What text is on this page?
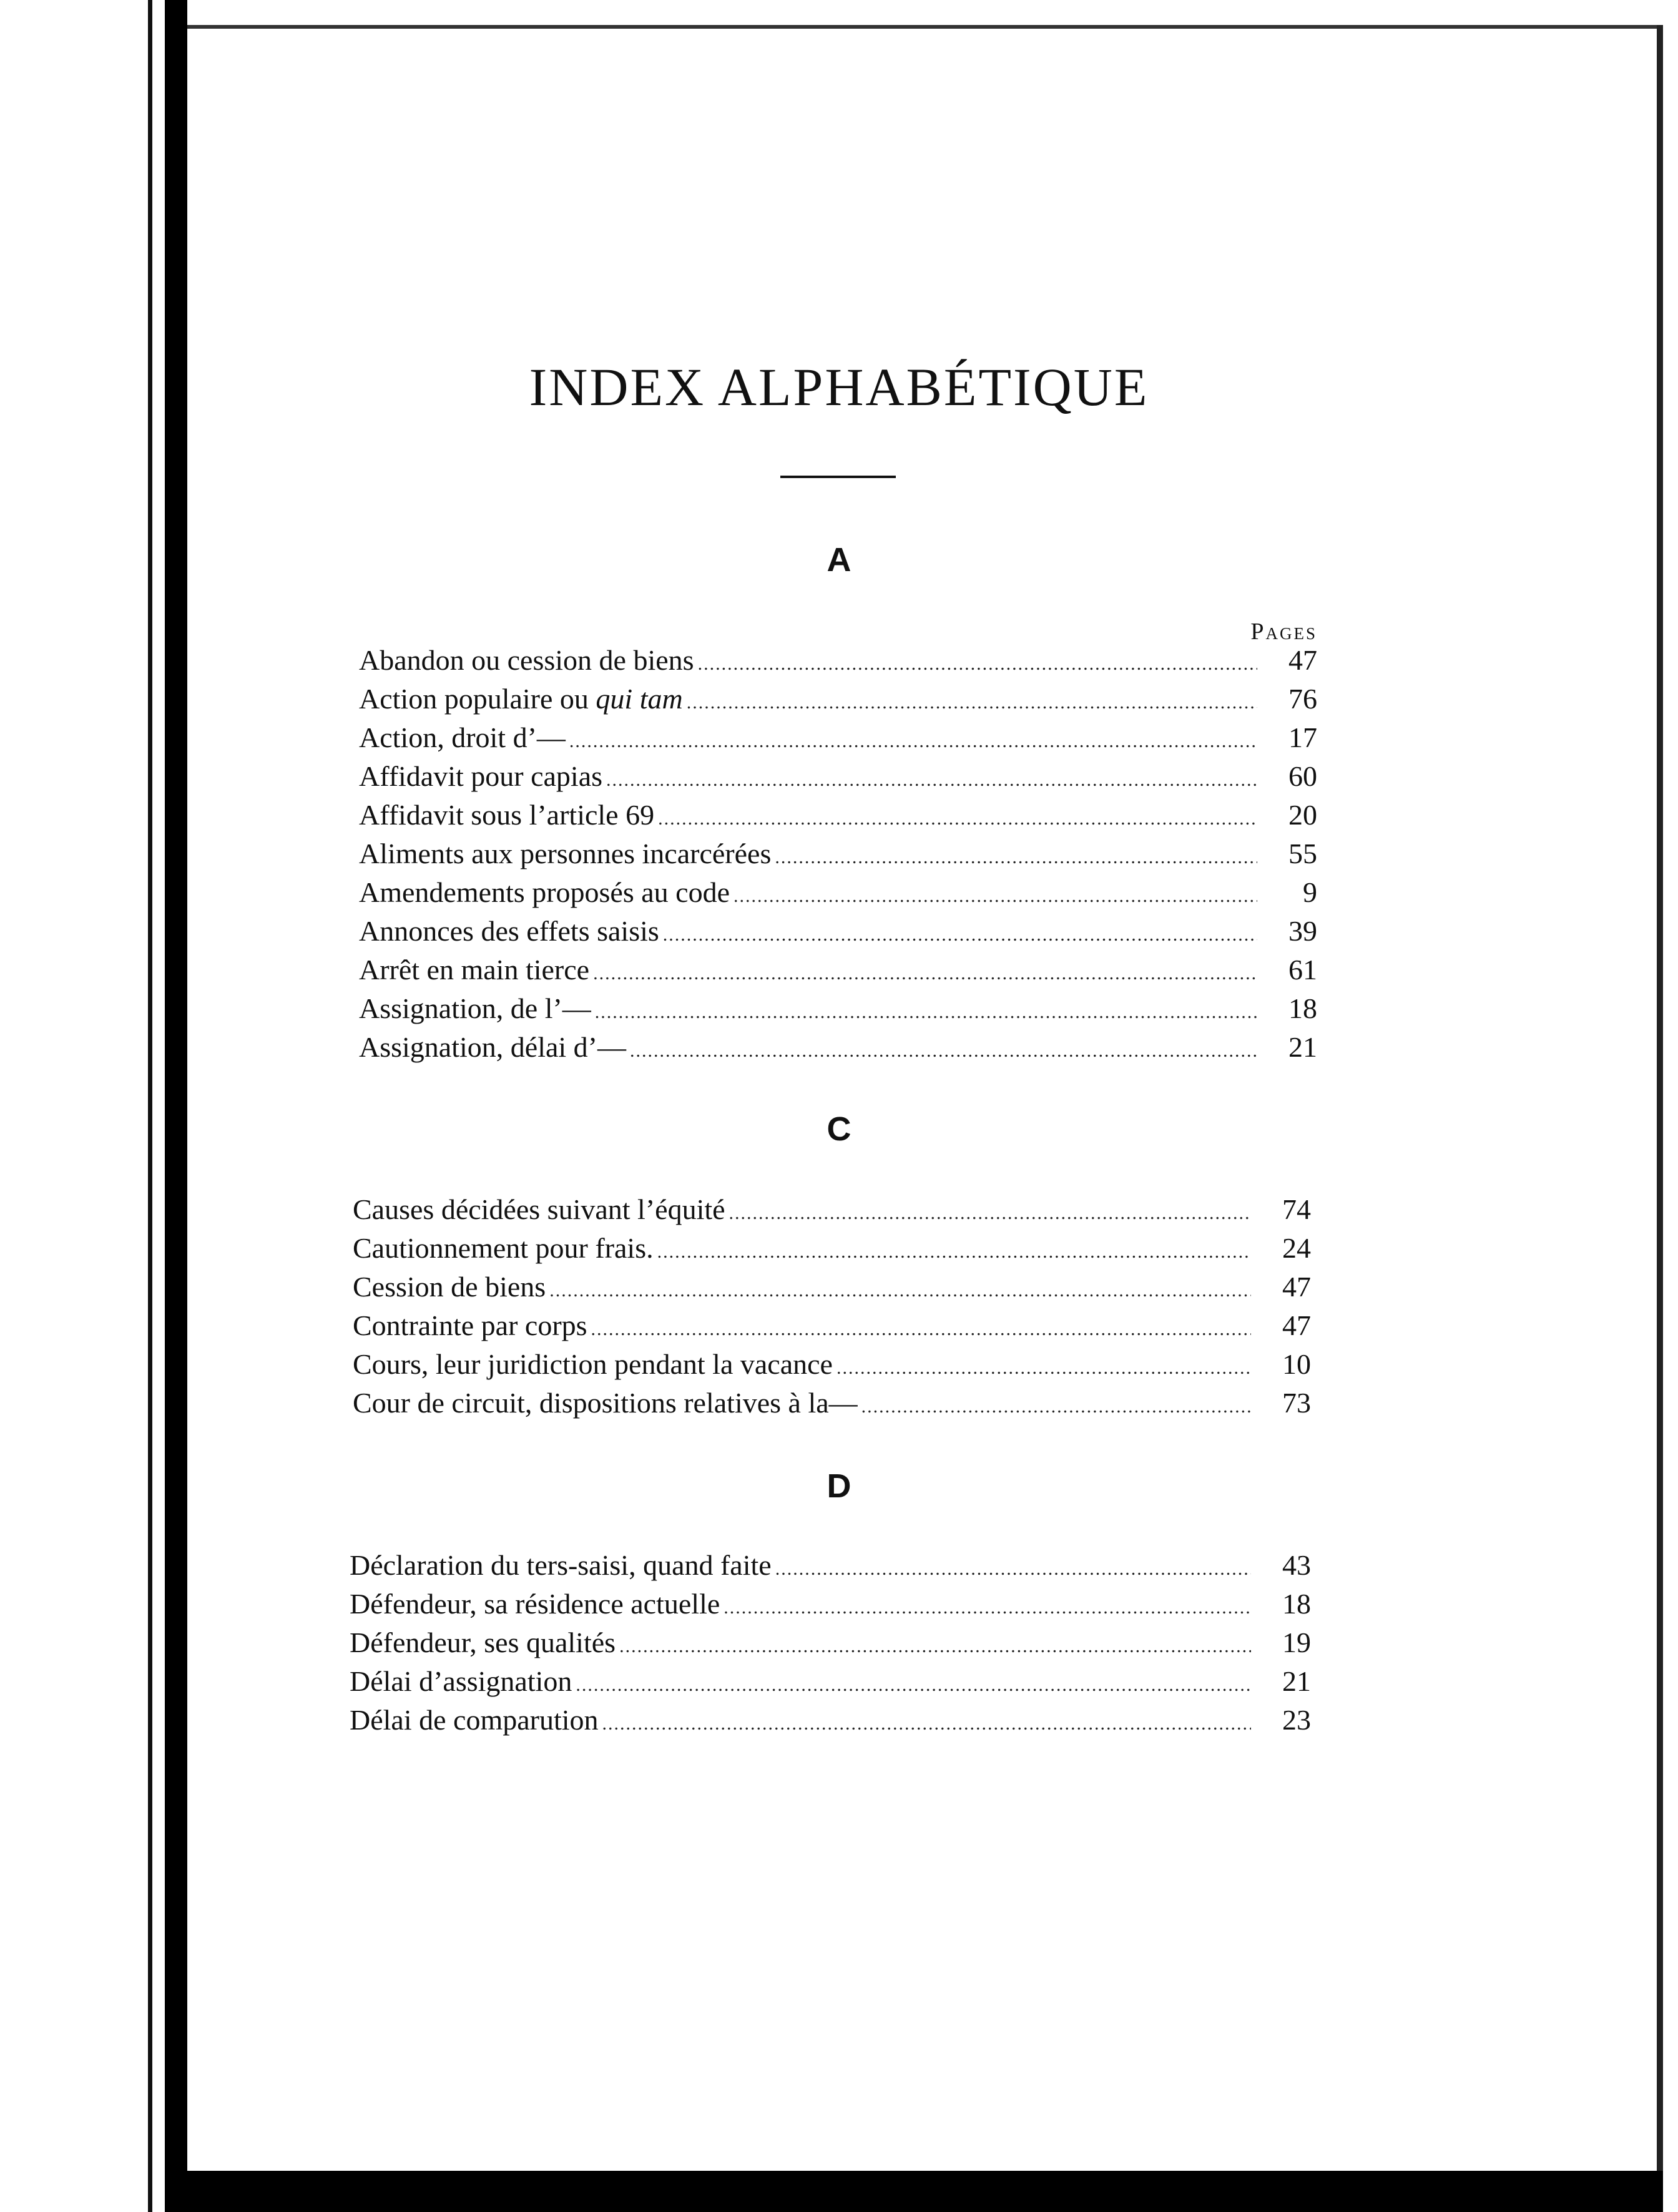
INDEX ALPHABÉTIQUE
A
Pages
Abandon ou cession de biens .....	47
Action populaire ou qui tam .....	76
Action, droit d’— .....	17
Affidavit pour capias .....	60
Affidavit sous l’article 69 .....	20
Aliments aux personnes incarcérées .....	55
Amendements proposés au code .....	9
Annonces des effets saisis .....	39
Arrêt en main tierce .....	61
Assignation, de l’— .....	18
Assignation, délai d’— .....	21
C
Causes décidées suivant l’équité .....	74
Cautionnement pour frais. .....	24
Cession de biens .....	47
Contrainte par corps .....	47
Cours, leur juridiction pendant la vacance .....	10
Cour de circuit, dispositions relatives à la— .....	73
D
Déclaration du ters-saisi, quand faite .....	43
Défendeur, sa résidence actuelle .....	18
Défendeur, ses qualités .....	19
Délai d’assignation .....	21
Délai de comparution .....	23
